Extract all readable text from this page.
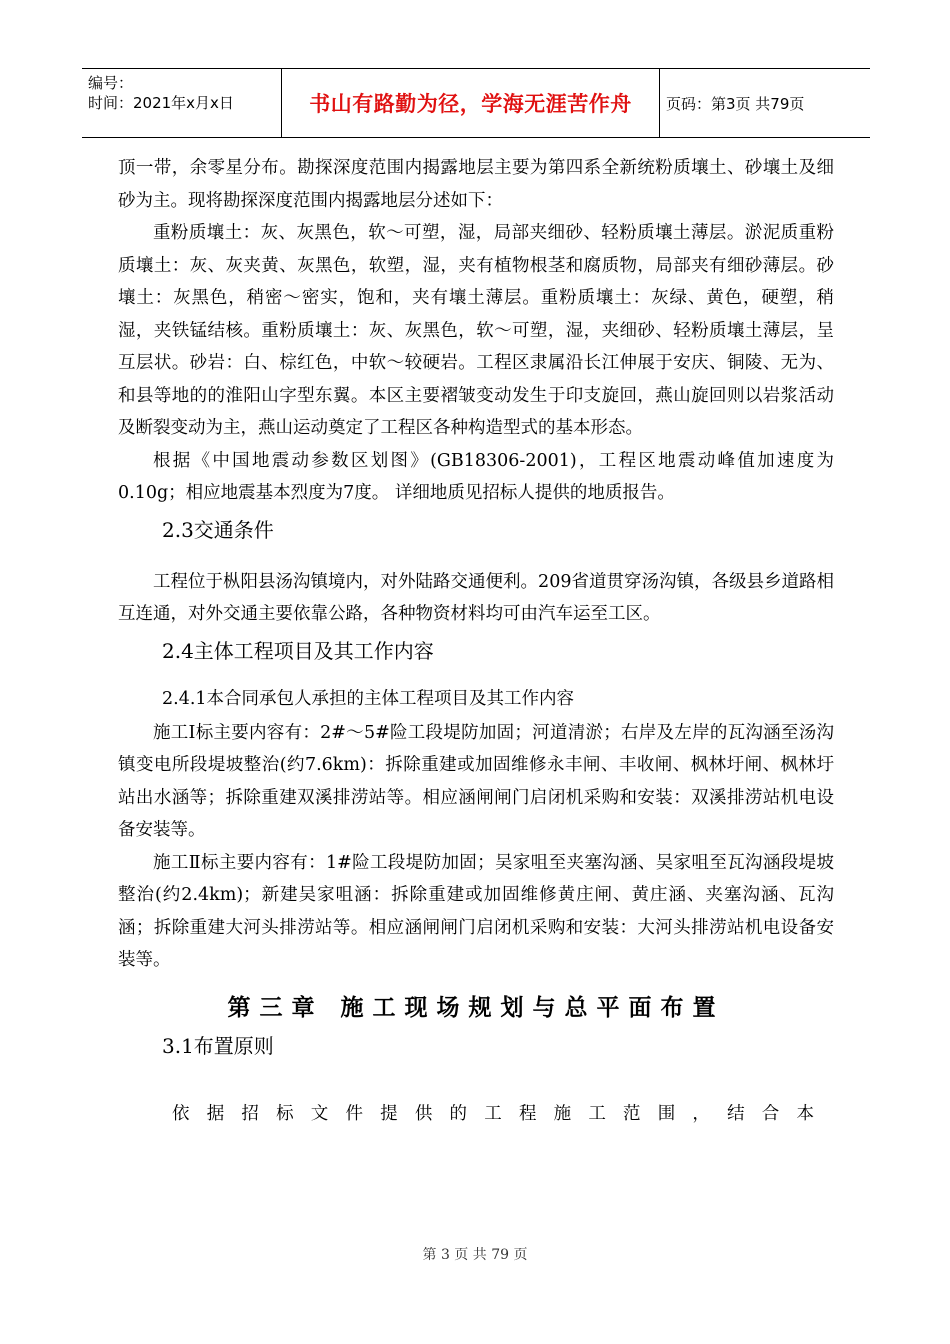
编号：
时间：2021年x月x日	书山有路勤为径，学海无涯苦作舟	页码：第3页 共79页

顶一带，余零星分布。勘探深度范围内揭露地层主要为第四系全新统粉质壤土、砂壤土及细砂为主。现将勘探深度范围内揭露地层分述如下：

重粉质壤土：灰、灰黑色，软～可塑，湿，局部夹细砂、轻粉质壤土薄层。淤泥质重粉质壤土：灰、灰夹黄、灰黑色，软塑，湿，夹有植物根茎和腐质物，局部夹有细砂薄层。砂壤土：灰黑色，稍密～密实，饱和，夹有壤土薄层。重粉质壤土：灰绿、黄色，硬塑，稍湿，夹铁锰结核。重粉质壤土：灰、灰黑色，软～可塑，湿，夹细砂、轻粉质壤土薄层，呈互层状。砂岩：白、棕红色，中软～较硬岩。工程区隶属沿长江伸展于安庆、铜陵、无为、和县等地的的淮阳山字型东翼。本区主要褶皱变动发生于印支旋回，燕山旋回则以岩浆活动及断裂变动为主，燕山运动奠定了工程区各种构造型式的基本形态。

根据《中国地震动参数区划图》(GB18306-2001)，工程区地震动峰值加速度为0.10g；相应地震基本烈度为7度。 详细地质见招标人提供的地质报告。

2.3交通条件

工程位于枞阳县汤沟镇境内，对外陆路交通便利。209省道贯穿汤沟镇，各级县乡道路相互连通，对外交通主要依靠公路，各种物资材料均可由汽车运至工区。

2.4主体工程项目及其工作内容
2.4.1本合同承包人承担的主体工程项目及其工作内容

施工Ⅰ标主要内容有：2#～5#险工段堤防加固；河道清淤；右岸及左岸的瓦沟涵至汤沟镇变电所段堤坡整治(约7.6km)：拆除重建或加固维修永丰闸、丰收闸、枫林圩闸、枫林圩站出水涵等；拆除重建双溪排涝站等。相应涵闸闸门启闭机采购和安装：双溪排涝站机电设备安装等。

施工Ⅱ标主要内容有：1#险工段堤防加固；吴家咀至夹塞沟涵、吴家咀至瓦沟涵段堤坡整治(约2.4km)；新建吴家咀涵：拆除重建或加固维修黄庄闸、黄庄涵、夹塞沟涵、瓦沟涵；拆除重建大河头排涝站等。相应涵闸闸门启闭机采购和安装：大河头排涝站机电设备安装等。

第三章 施工现场规划与总平面布置
3.1布置原则

依据招标文件提供的工程施工范围，结合本

第 3 页 共 79 页
